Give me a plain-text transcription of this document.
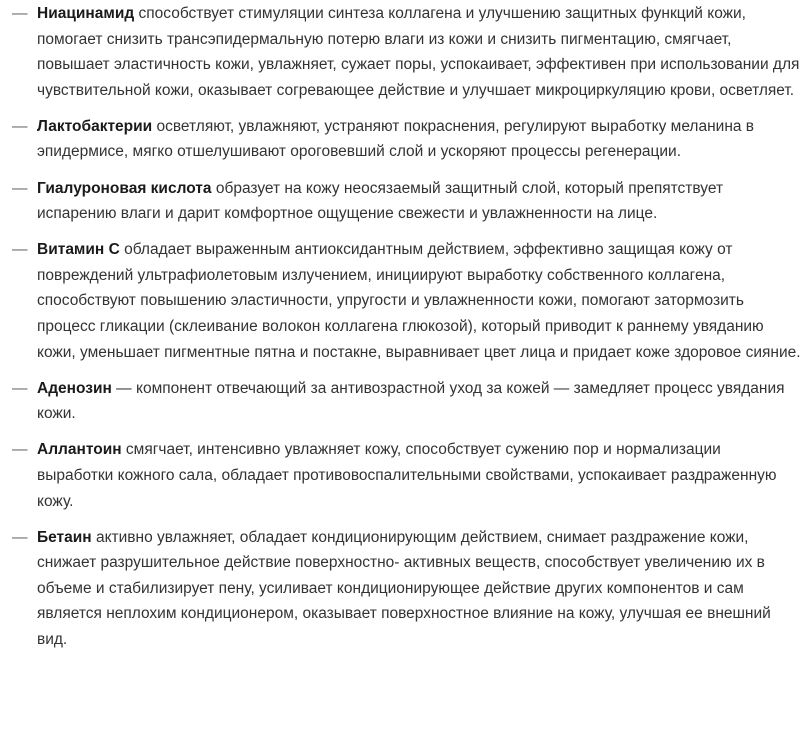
— Ниацинамид способствует стимуляции синтеза коллагена и улучшению защитных функций кожи, помогает снизить трансэпидермальную потерю влаги из кожи и снизить пигментацию, смягчает, повышает эластичность кожи, увлажняет, сужает поры, успокаивает, эффективен при использовании для чувствительной кожи, оказывает согревающее действие и улучшает микроциркуляцию крови, осветляет.
— Лактобактерии осветляют, увлажняют, устраняют покраснения, регулируют выработку меланина в эпидермисе, мягко отшелушивают ороговевший слой и ускоряют процессы регенерации.
— Гиалуроновая кислота образует на кожу неосязаемый защитный слой, который препятствует испарению влаги и дарит комфортное ощущение свежести и увлажненности на лице.
— Витамин С обладает выраженным антиоксидантным действием, эффективно защищая кожу от повреждений ультрафиолетовым излучением, инициируют выработку собственного коллагена, способствуют повышению эластичности, упругости и увлажненности кожи, помогают затормозить процесс гликации (склеивание волокон коллагена глюкозой), который приводит к раннему увяданию кожи, уменьшает пигментные пятна и постакне, выравнивает цвет лица и придает коже здоровое сияние.
— Аденозин — компонент отвечающий за антивозрастной уход за кожей — замедляет процесс увядания кожи.
— Аллантоин смягчает, интенсивно увлажняет кожу, способствует сужению пор и нормализации выработки кожного сала, обладает противовоспалительными свойствами, успокаивает раздраженную кожу.
— Бетаин активно увлажняет, обладает кондиционирующим действием, снимает раздражение кожи, снижает разрушительное действие поверхностно- активных веществ, способствует увеличению их в объеме и стабилизирует пену, усиливает кондиционирующее действие других компонентов и сам является неплохим кондиционером, оказывает поверхностное влияние на кожу, улучшая ее внешний вид.
